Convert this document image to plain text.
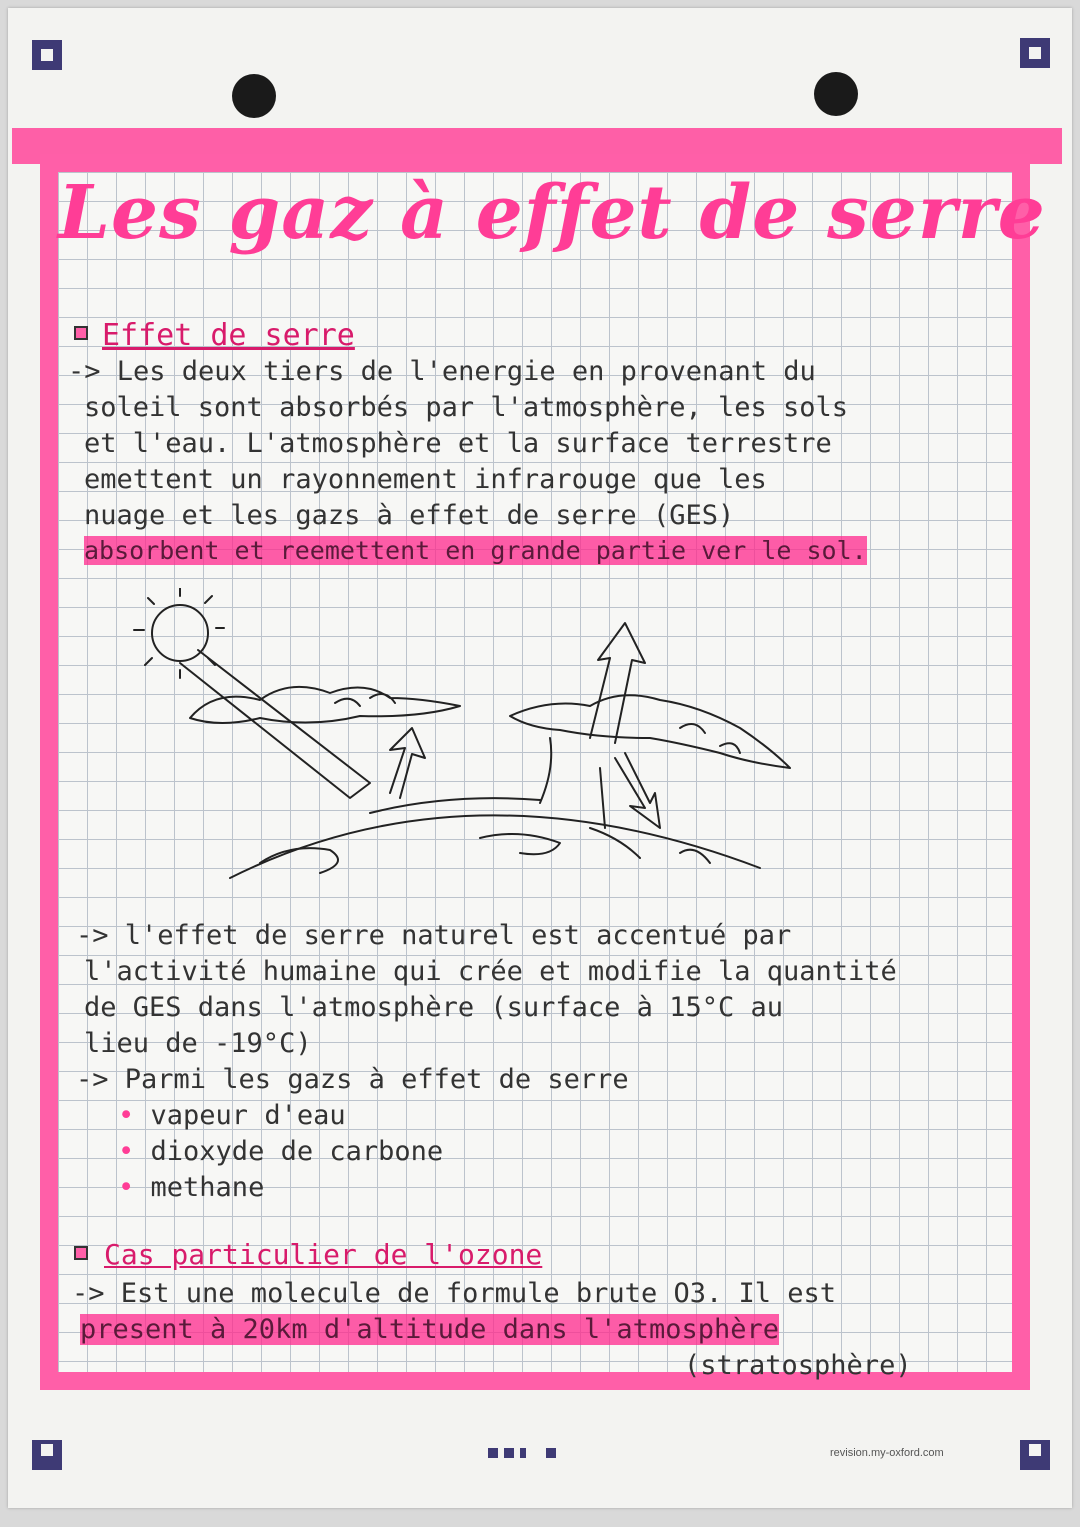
Les gaz à effet de serre
Effet de serre
-> Les deux tiers de l'energie en provenant du
soleil sont absorbés par l'atmosphère, les sols
et l'eau. L'atmosphère et la surface terrestre
emettent un rayonnement infrarouge que les
nuage et les gazs à effet de serre (GES)
absorbent et reemettent en grande partie ver le sol.
-> l'effet de serre naturel est accentué par
l'activité humaine qui crée et modifie la quantité
de GES dans l'atmosphère (surface à 15°C au
lieu de -19°C)
-> Parmi les gazs à effet de serre
• vapeur d'eau
• dioxyde de carbone
• methane
Cas particulier de l'ozone
-> Est une molecule de formule brute O3. Il est
present à 20km d'altitude dans l'atmosphère
(stratosphère)
revision.my-oxford.com
